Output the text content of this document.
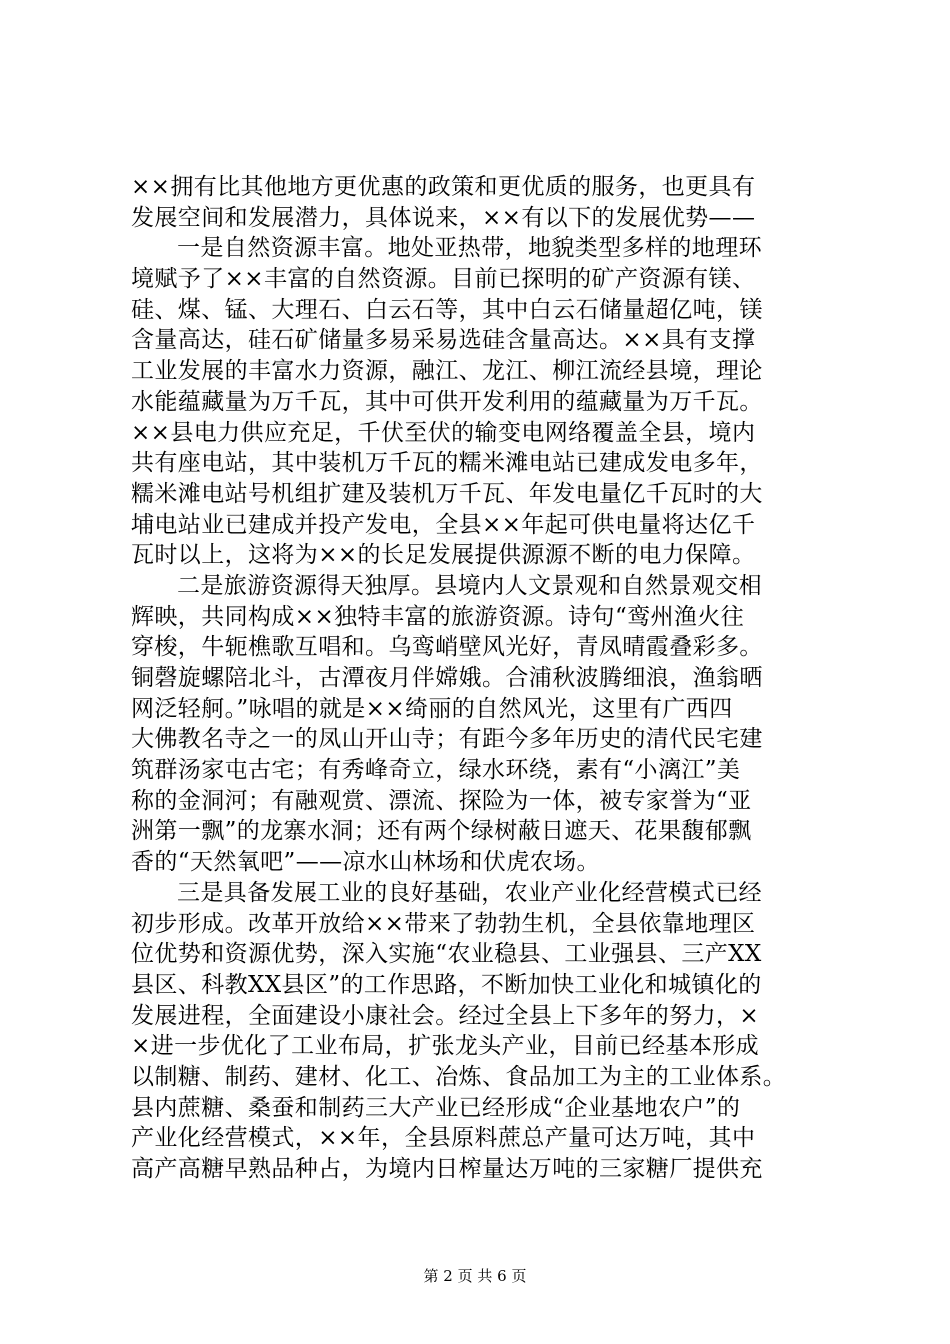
××拥有比其他地方更优惠的政策和更优质的服务，也更具有
发展空间和发展潜力，具体说来，××有以下的发展优势——
一是自然资源丰富。地处亚热带，地貌类型多样的地理环
境赋予了××丰富的自然资源。目前已探明的矿产资源有镁、
硅、煤、锰、大理石、白云石等，其中白云石储量超亿吨，镁
含量高达，硅石矿储量多易采易选硅含量高达。××具有支撑
工业发展的丰富水力资源，融江、龙江、柳江流经县境，理论
水能蕴藏量为万千瓦，其中可供开发利用的蕴藏量为万千瓦。
××县电力供应充足，千伏至伏的输变电网络覆盖全县，境内
共有座电站，其中装机万千瓦的糯米滩电站已建成发电多年，
糯米滩电站号机组扩建及装机万千瓦、年发电量亿千瓦时的大
埔电站业已建成并投产发电，全县××年起可供电量将达亿千
瓦时以上，这将为××的长足发展提供源源不断的电力保障。
二是旅游资源得天独厚。县境内人文景观和自然景观交相
辉映，共同构成××独特丰富的旅游资源。诗句“鸾州渔火往
穿梭，牛轭樵歌互唱和。乌鸾峭壁风光好，青凤晴霞叠彩多。
铜磬旋螺陪北斗，古潭夜月伴嫦娥。合浦秋波腾细浪，渔翁晒
网泛轻舸。”咏唱的就是××绮丽的自然风光，这里有广西四
大佛教名寺之一的凤山开山寺；有距今多年历史的清代民宅建
筑群汤家屯古宅；有秀峰奇立，绿水环绕，素有“小漓江”美
称的金洞河；有融观赏、漂流、探险为一体，被专家誉为“亚
洲第一飘”的龙寨水洞；还有两个绿树蔽日遮天、花果馥郁飘
香的“天然氧吧”——凉水山林场和伏虎农场。
三是具备发展工业的良好基础，农业产业化经营模式已经
初步形成。改革开放给××带来了勃勃生机，全县依靠地理区
位优势和资源优势，深入实施“农业稳县、工业强县、三产XX
县区、科教XX县区”的工作思路，不断加快工业化和城镇化的
发展进程，全面建设小康社会。经过全县上下多年的努力，×
×进一步优化了工业布局，扩张龙头产业，目前已经基本形成
以制糖、制药、建材、化工、冶炼、食品加工为主的工业体系。
县内蔗糖、桑蚕和制药三大产业已经形成“企业基地农户”的
产业化经营模式，××年，全县原料蔗总产量可达万吨，其中
高产高糖早熟品种占，为境内日榨量达万吨的三家糖厂提供充
第 2 页 共 6 页
